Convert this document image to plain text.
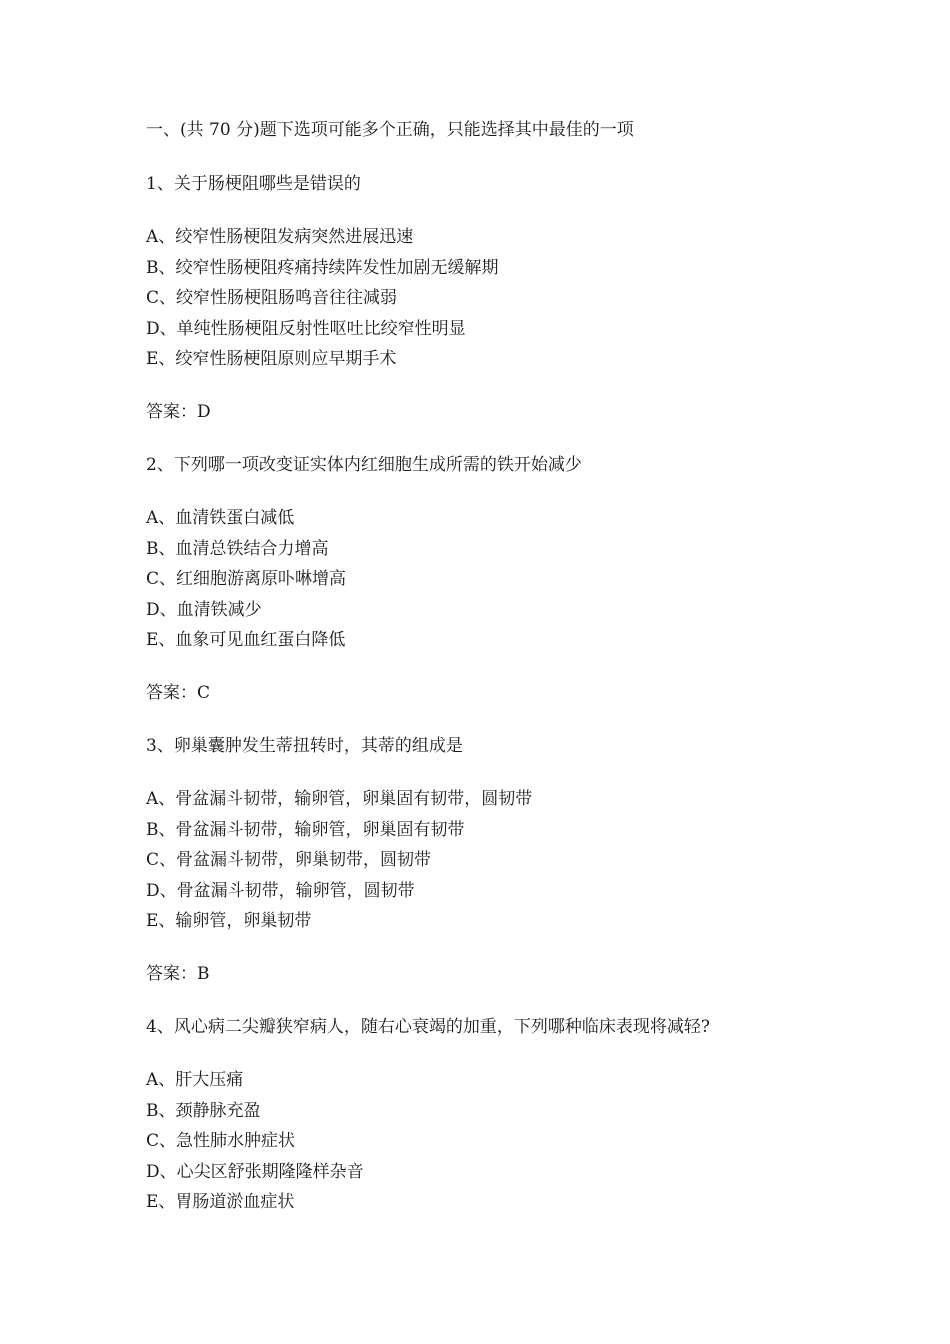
一、(共 70 分)题下选项可能多个正确，只能选择其中最佳的一项
1、关于肠梗阻哪些是错误的
A、绞窄性肠梗阻发病突然进展迅速
B、绞窄性肠梗阻疼痛持续阵发性加剧无缓解期
C、绞窄性肠梗阻肠鸣音往往减弱
D、单纯性肠梗阻反射性呕吐比绞窄性明显
E、绞窄性肠梗阻原则应早期手术
答案：D
2、下列哪一项改变证实体内红细胞生成所需的铁开始减少
A、血清铁蛋白减低
B、血清总铁结合力增高
C、红细胞游离原卟啉增高
D、血清铁减少
E、血象可见血红蛋白降低
答案：C
3、卵巢囊肿发生蒂扭转时，其蒂的组成是
A、骨盆漏斗韧带，输卵管，卵巢固有韧带，圆韧带
B、骨盆漏斗韧带，输卵管，卵巢固有韧带
C、骨盆漏斗韧带，卵巢韧带，圆韧带
D、骨盆漏斗韧带，输卵管，圆韧带
E、输卵管，卵巢韧带
答案：B
4、风心病二尖瓣狭窄病人，随右心衰竭的加重，下列哪种临床表现将减轻?
A、肝大压痛
B、颈静脉充盈
C、急性肺水肿症状
D、心尖区舒张期隆隆样杂音
E、胃肠道淤血症状
